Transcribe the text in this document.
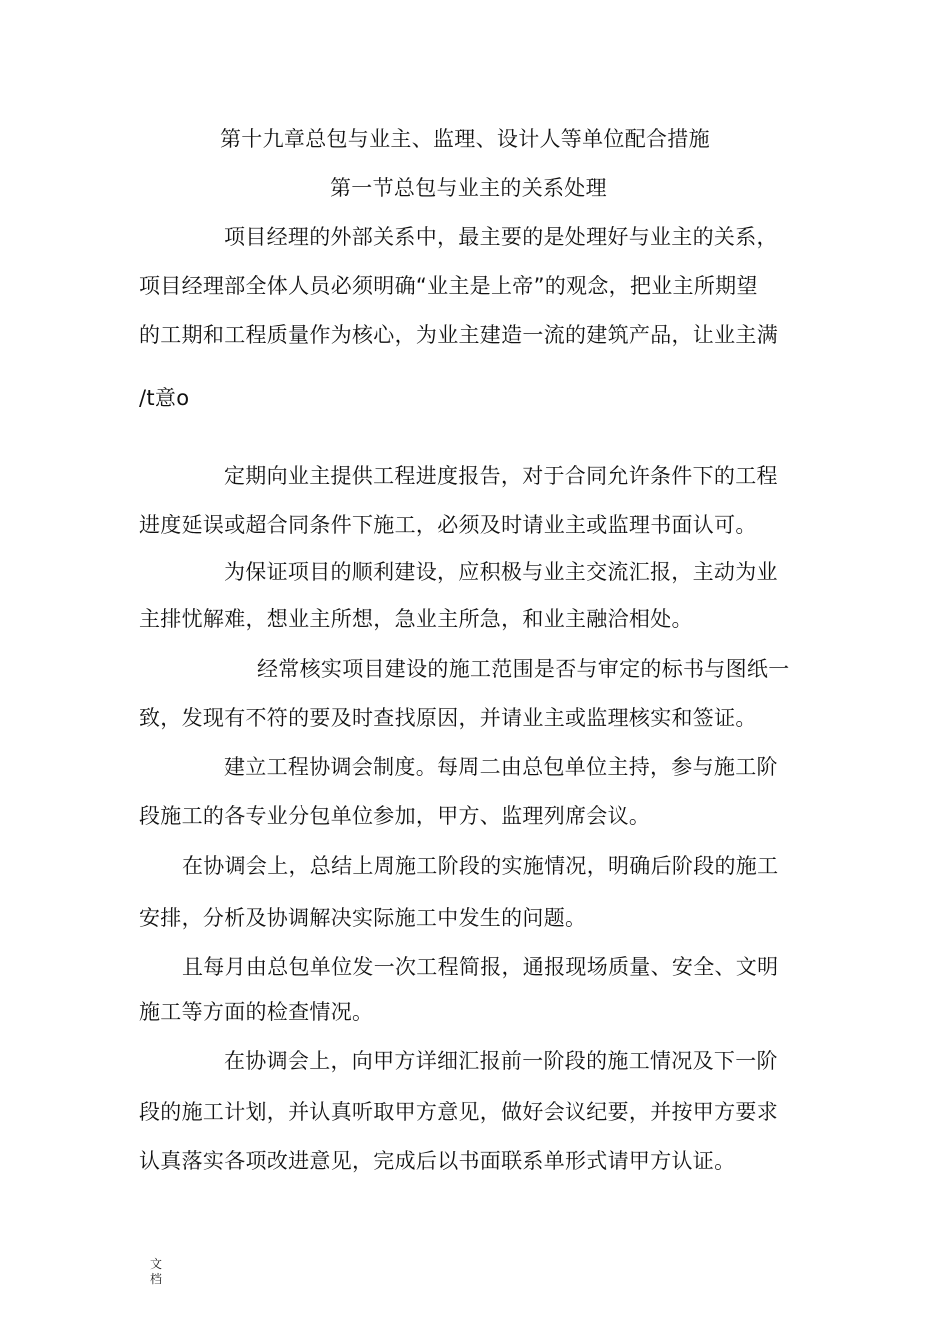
第十九章总包与业主、监理、设计人等单位配合措施
第一节总包与业主的关系处理
项目经理的外部关系中，最主要的是处理好与业主的关系，
项目经理部全体人员必须明确“业主是上帝”的观念，把业主所期望
的工期和工程质量作为核心，为业主建造一流的建筑产品，让业主满
/t意o
定期向业主提供工程进度报告，对于合同允许条件下的工程
进度延误或超合同条件下施工，必须及时请业主或监理书面认可。
为保证项目的顺利建设，应积极与业主交流汇报，主动为业
主排忧解难，想业主所想，急业主所急，和业主融洽相处。
经常核实项目建设的施工范围是否与审定的标书与图纸一
致，发现有不符的要及时查找原因，并请业主或监理核实和签证。
建立工程协调会制度。每周二由总包单位主持，参与施工阶
段施工的各专业分包单位参加，甲方、监理列席会议。
在协调会上，总结上周施工阶段的实施情况，明确后阶段的施工
安排，分析及协调解决实际施工中发生的问题。
且每月由总包单位发一次工程简报，通报现场质量、安全、文明
施工等方面的检查情况。
在协调会上，向甲方详细汇报前一阶段的施工情况及下一阶
段的施工计划，并认真听取甲方意见，做好会议纪要，并按甲方要求
认真落实各项改进意见，完成后以书面联系单形式请甲方认证。
文档
